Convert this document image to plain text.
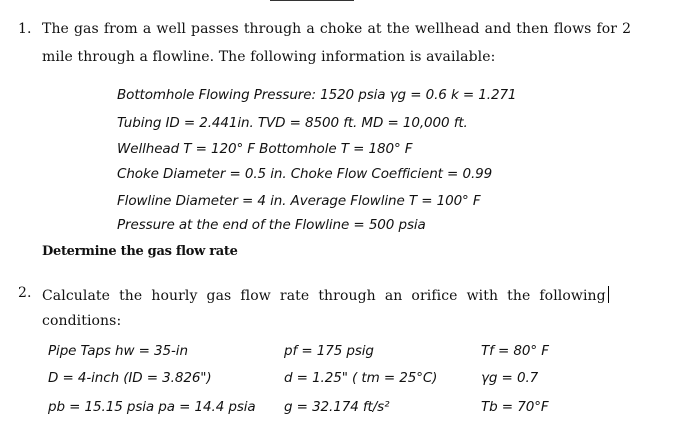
1. The gas from a well passes through a choke at the wellhead and then flows for 2
mile through a flowline. The following information is available:
Bottomhole Flowing Pressure: 1520 psia γg = 0.6 k = 1.271
Tubing ID = 2.441in. TVD = 8500 ft. MD = 10,000 ft.
Wellhead T = 120° F Bottomhole T = 180° F
Choke Diameter = 0.5 in. Choke Flow Coefficient = 0.99
Flowline Diameter = 4 in. Average Flowline T = 100° F
Pressure at the end of the Flowline = 500 psia
Determine the gas flow rate
2. Calculate the hourly gas flow rate through an orifice with the following
conditions:
Pipe Taps hw = 35-in
D = 4-inch (ID = 3.826")
pb = 15.15 psia pa = 14.4 psia
pf = 175 psig
d = 1.25" ( tm = 25°C)
g = 32.174 ft/s²
Tf = 80° F
γg = 0.7
Tb = 70°F
